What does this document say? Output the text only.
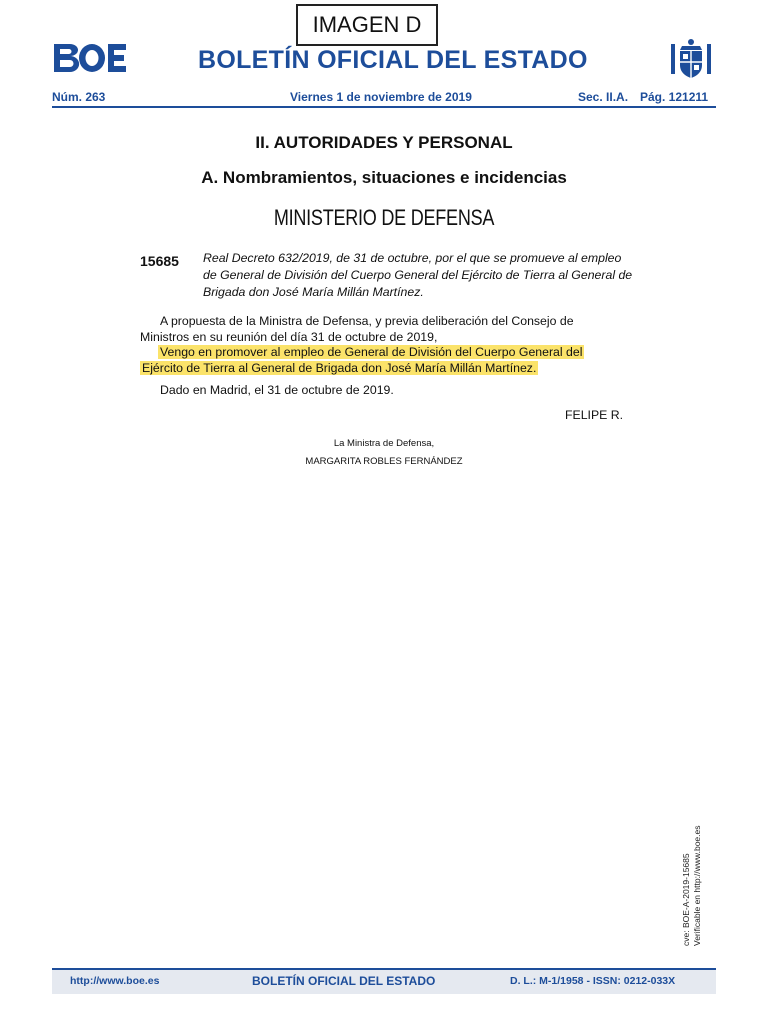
IMAGEN D
BOLETÍN OFICIAL DEL ESTADO
Núm. 263	Viernes 1 de noviembre de 2019	Sec. II.A. Pág. 121211
II. AUTORIDADES Y PERSONAL
A. Nombramientos, situaciones e incidencias
MINISTERIO DE DEFENSA
15685 Real Decreto 632/2019, de 31 de octubre, por el que se promueve al empleo de General de División del Cuerpo General del Ejército de Tierra al General de Brigada don José María Millán Martínez.
A propuesta de la Ministra de Defensa, y previa deliberación del Consejo de Ministros en su reunión del día 31 de octubre de 2019,
Vengo en promover al empleo de General de División del Cuerpo General del Ejército de Tierra al General de Brigada don José María Millán Martínez.
Dado en Madrid, el 31 de octubre de 2019.
FELIPE R.
La Ministra de Defensa,
MARGARITA ROBLES FERNÁNDEZ
cve: BOE-A-2019-15685 Verificable en http://www.boe.es
http://www.boe.es	BOLETÍN OFICIAL DEL ESTADO	D. L.: M-1/1958 - ISSN: 0212-033X
